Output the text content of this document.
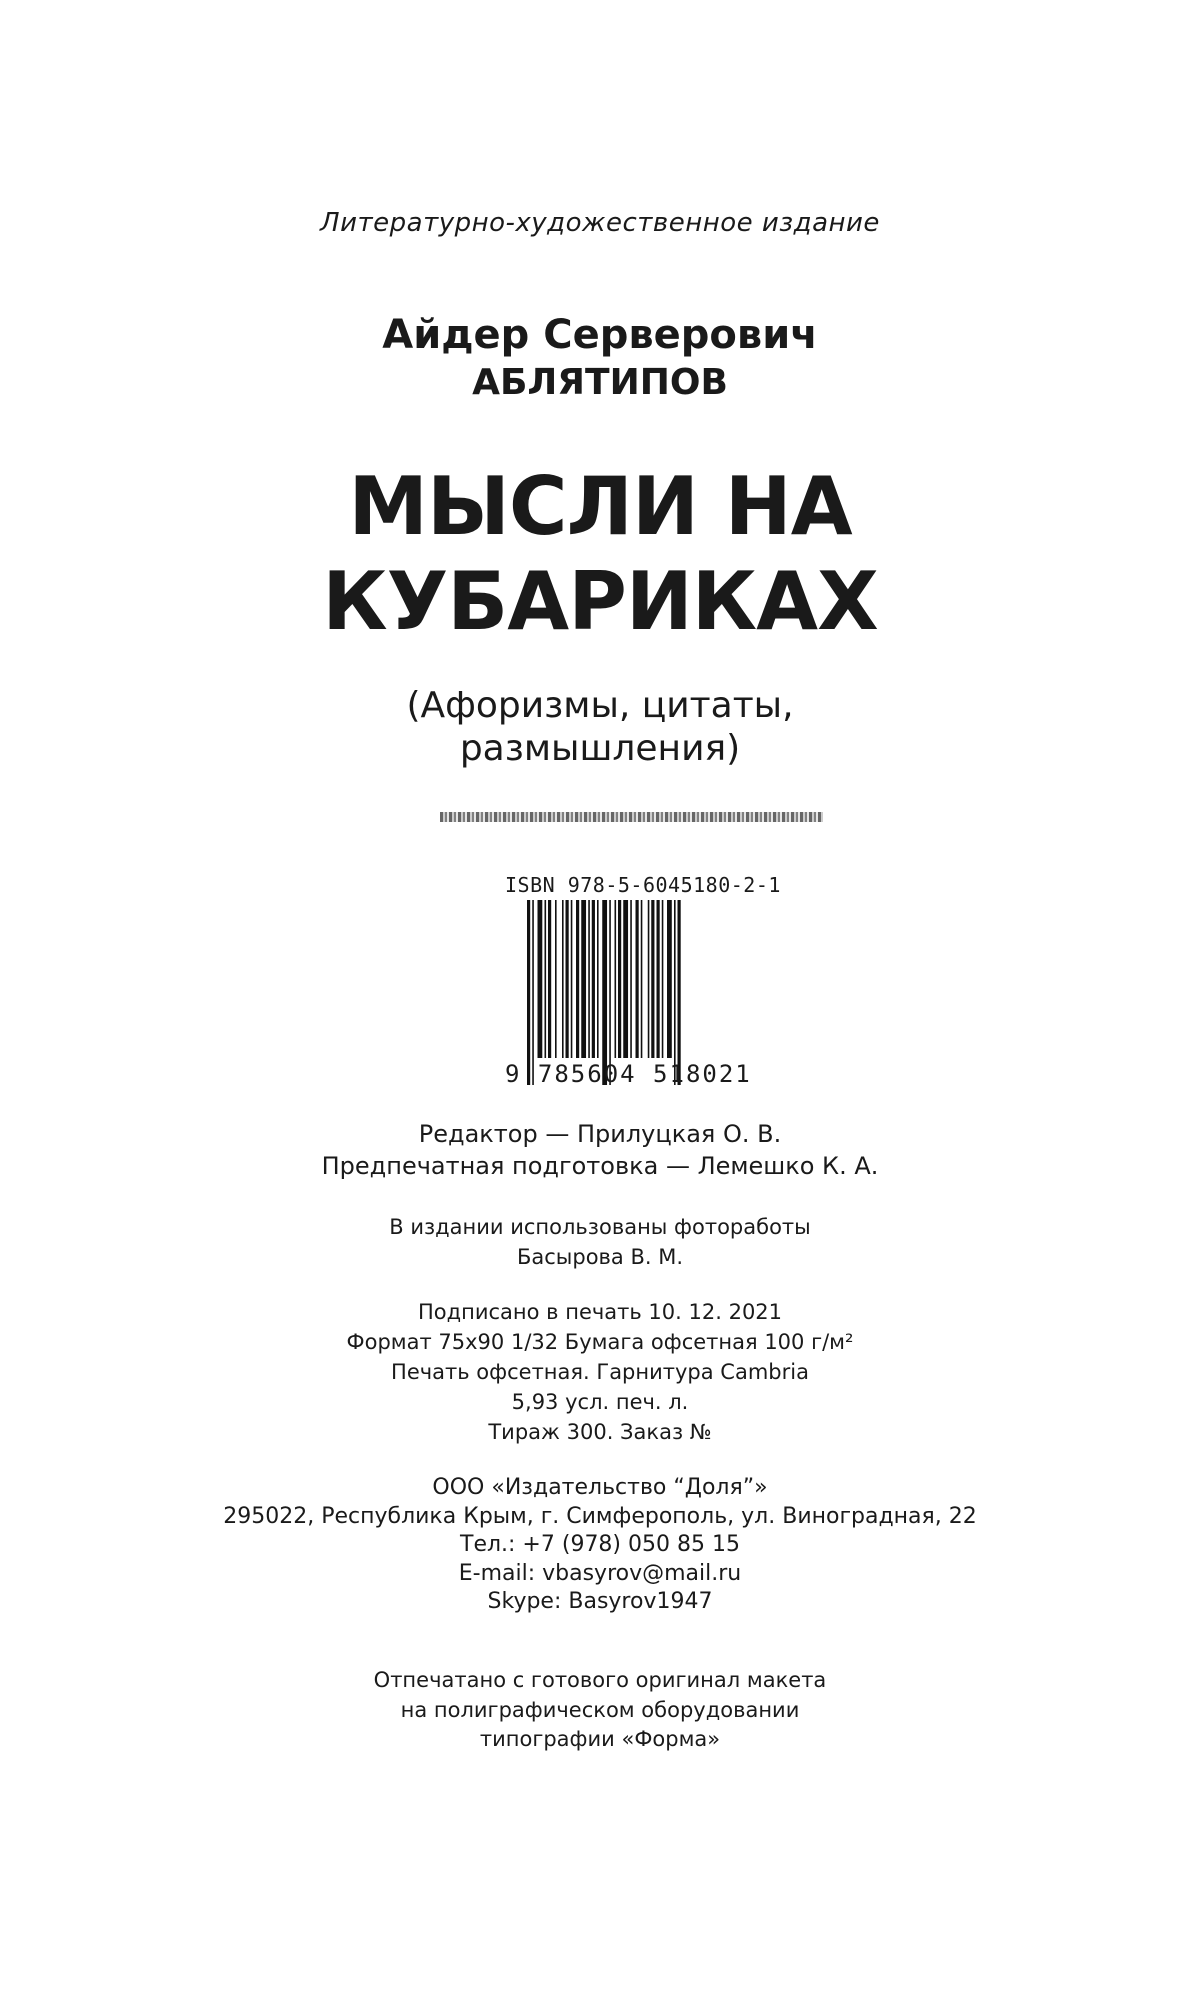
Литературно-художественное издание
Айдер Серверович
АБЛЯТИПОВ
МЫСЛИ НА
КУБАРИКАХ
(Афоризмы, цитаты,
размышления)
ISBN 978-5-6045180-2-1
9 785604 518021
Редактор — Прилуцкая О. В.
Предпечатная подготовка — Лемешко К. А.
В издании использованы фотоработы
Басырова В. М.
Подписано в печать 10. 12. 2021
Формат 75х90 1/32 Бумага офсетная 100 г/м²
Печать офсетная. Гарнитура Cambria
5,93 усл. печ. л.
Тираж 300. Заказ №
ООО «Издательство “Доля”»
295022, Республика Крым, г. Симферополь, ул. Виноградная, 22
Тел.: +7 (978) 050 85 15
E-mail: vbasyrov@mail.ru
Skype: Basyrov1947
Отпечатано с готового оригинал макета
на полиграфическом оборудовании
типографии «Форма»
